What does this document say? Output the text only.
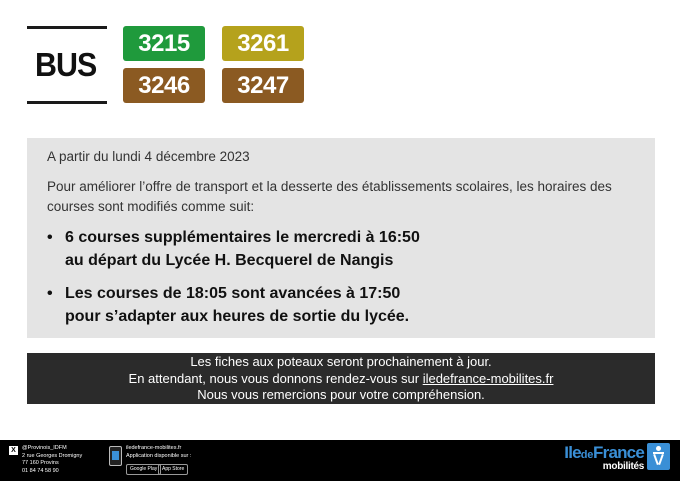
BUS
3215	3261
3246	3247
A partir du lundi 4 décembre 2023
Pour améliorer l’offre de transport et la desserte des établissements scolaires, les horaires des courses sont modifiés comme suit:
• 6 courses supplémentaires le mercredi à 16:50
au départ du Lycée H. Becquerel de Nangis
• Les courses de 18:05 sont avancées à 17:50
pour s’adapter aux heures de sortie du lycée.
Les fiches aux poteaux seront prochainement à jour.
En attendant, nous vous donnons rendez-vous sur iledefrance-mobilites.fr
Nous vous remercions pour votre compréhension.
X	@Provinois_IDFM
2 rue Georges Dromigny
77 160 Provins
01 84 74 58 90
iledefrance-mobilites.fr
Application disponible sur :
Google Play App Store
IledeFrance
mobilités
